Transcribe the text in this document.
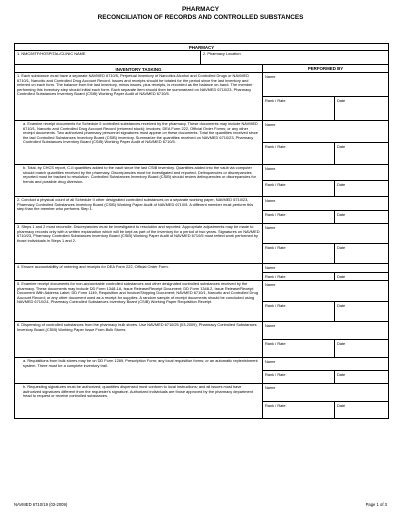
PHARMACY
RECONCILIATION OF RECORDS AND CONTROLLED SUBSTANCES
PHARMACY
1. NMC/MTF/HOSPITAL/CLINIC NAME	2. Pharmacy Location
INVENTORY TASKING	PERFORMED BY
1. Each substance must have a separate NAVMED 6710/5, Perpetual Inventory of Narcotics Alcohol and Controlled Drugs or NAVMED 6710/1, Narcotic and Controlled Drug Account Record. Issues and receipts should be totaled for the period since the last inventory and entered on each form. The balance from the last inventory, minus issues, plus receipts, is recorded as the balance on-hand. The member performing this inventory step should initial each form. Each separate item should then be summarized on NAVMED 6710/23, Pharmacy Controlled Substances Inventory Board (CSIB) Working Paper Audit of NAVMED 6710/5.
Name
Rank / Rate	Date
a. Examine receipt documents for Schedule II controlled substances received by the pharmacy. These documents may include NAVMED 6710/1, Narcotic and Controlled Drug Account Record (returned stock); invoices; DEA Form 222, Official Order Forms; or any other receipt documents. Two authorized pharmacy personnel signatures must appear on these documents. Total the quantities received since the last Controlled Substances Inventory Board (CSIB) inventory. Summarize the quantities received on NAVMED 6710/23, Pharmacy Controlled Substances Inventory Board (CSIB) Working Paper Audit of NAVMED 6710/5.
Name
Rank / Rate	Date
b. Total, by CHCS report, C-II quantities added to the vault since the last CSIB inventory. Quantities added into the vault via computer should match quantities received by the pharmacy. Discrepancies must be investigated and reported. Delinquencies or discrepancies reported must be tracked to resolution. Controlled Substances Inventory Board (CSIB) should review delinquencies or discrepancies for trends and possible drug diversion.
Name
Rank / Rate	Date
2. Conduct a physical count of all Schedule II other designated controlled substances on a separate working paper, NAVMED 6710/23, Pharmacy Controlled Substances Inventory Board (CSIB) Working Paper Audit of NAVMED 6710/5. A different member must perform this step than the member who performs Step 1.
Name
Rank / Rate	Date
3. Steps 1 and 2 must reconcile. Discrepancies must be investigated to resolution and reported. Appropriate adjustments may be made to pharmacy records only with a written explanation which will be kept as part of the inventory for a period of two years. Signatures on NAVMED 6710/23, Pharmacy Controlled Substances Inventory Board (CSIB) Working Paper Audit of NAVMED 6710/5 must reflect work performed by those individuals in Steps 1 and 2.
Name
Rank / Rate	Date
4. Ensure accountability of ordering and receipts for DEA Form 222, Official Order Form.	Name
Rank / Rate	Date
5. Examine receipt documents for non-accountable controlled substances and other designated controlled substances received by the pharmacy. These documents may include DD Form 1348-1A, Issue Release/Receipt Document; DD Form 1348-2, Issue Release/Receipt Document With Address Label; DD Form 1149, Requisition and Invoice/Shipping Document; NAVMED 6710/1, Narcotic and Controlled Drug Account Record; or any other document used as a receipt for supplies. A random sample of receipt documents should be concluded using NAVMED 6710/24, Pharmacy Controlled Substances Inventory Board (CSIB) Working Paper Requisition Receipt.
Name
Rank / Rate	Date
6. Dispensing of controlled substances from the pharmacy bulk stores. Use NAVMED 6710/25 (03-2009), Pharmacy Controlled Substances Inventory Board (CSIB) Working Paper Issue From Bulk Stores
Name
Rank / Rate	Date
a. Requisitions from bulk stores may be on DD Form 1289, Prescription Form; any local requisition forms; or an automatic replenishment system. There must be a complete inventory trail.
Name
Rank / Rate	Date
b. Requesting signatures must be authorized; quantities dispensed must conform to local instructions; and all issues must have authorized signatures different from the requester's signature. Authorized individuals are those approved by the pharmacy department head to request or receive controlled substances.
Name
Rank / Rate	Date
NAVMED 6710/19 (03-2009)	Page 1 of 3
